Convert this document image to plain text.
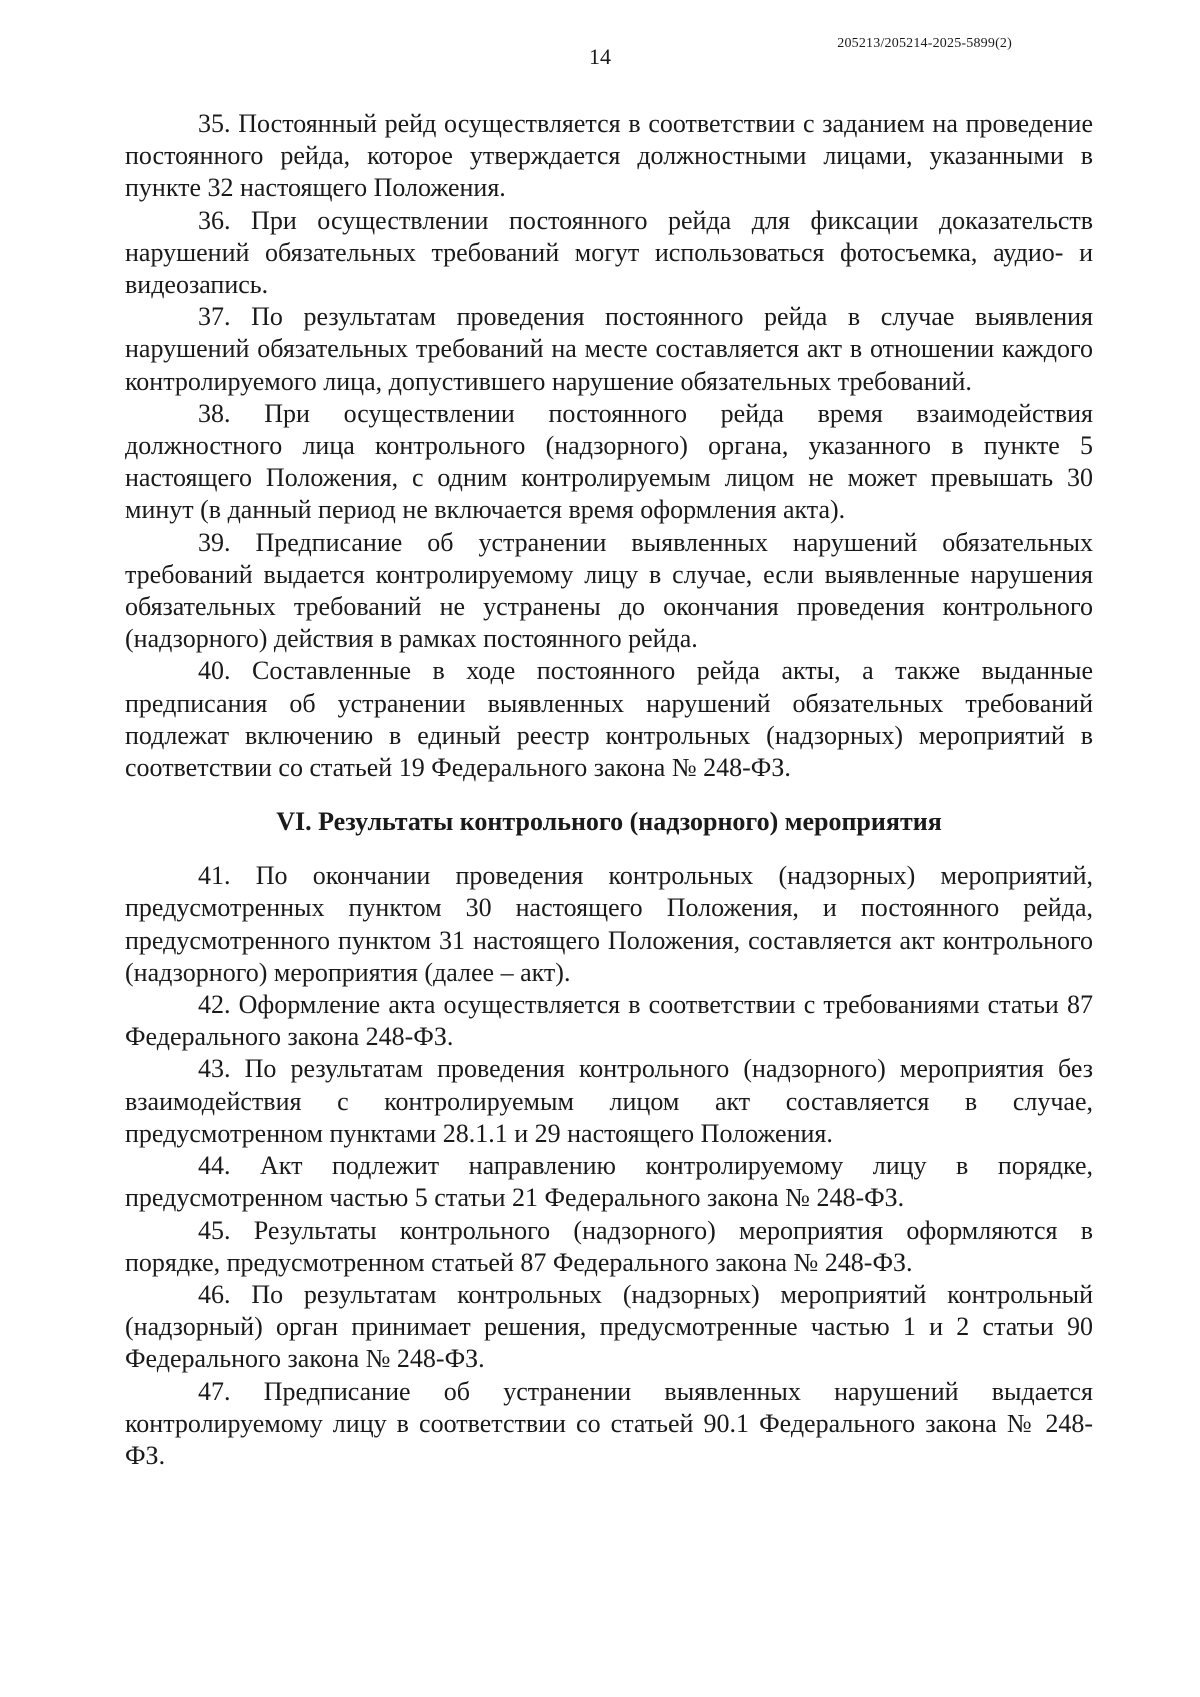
14
205213/205214-2025-5899(2)

35. Постоянный рейд осуществляется в соответствии с заданием на проведение постоянного рейда, которое утверждается должностными лицами, указанными в пункте 32 настоящего Положения.

36. При осуществлении постоянного рейда для фиксации доказательств нарушений обязательных требований могут использоваться фотосъемка, аудио- и видеозапись.

37. По результатам проведения постоянного рейда в случае выявления нарушений обязательных требований на месте составляется акт в отношении каждого контролируемого лица, допустившего нарушение обязательных требований.

38. При осуществлении постоянного рейда время взаимодействия должностного лица контрольного (надзорного) органа, указанного в пункте 5 настоящего Положения, с одним контролируемым лицом не может превышать 30 минут (в данный период не включается время оформления акта).

39. Предписание об устранении выявленных нарушений обязательных требований выдается контролируемому лицу в случае, если выявленные нарушения обязательных требований не устранены до окончания проведения контрольного (надзорного) действия в рамках постоянного рейда.

40. Составленные в ходе постоянного рейда акты, а также выданные предписания об устранении выявленных нарушений обязательных требований подлежат включению в единый реестр контрольных (надзорных) мероприятий в соответствии со статьей 19 Федерального закона № 248-ФЗ.

VI. Результаты контрольного (надзорного) мероприятия

41. По окончании проведения контрольных (надзорных) мероприятий, предусмотренных пунктом 30 настоящего Положения, и постоянного рейда, предусмотренного пунктом 31 настоящего Положения, составляется акт контрольного (надзорного) мероприятия (далее – акт).

42. Оформление акта осуществляется в соответствии с требованиями статьи 87 Федерального закона 248-ФЗ.

43. По результатам проведения контрольного (надзорного) мероприятия без взаимодействия с контролируемым лицом акт составляется в случае, предусмотренном пунктами 28.1.1 и 29 настоящего Положения.

44. Акт подлежит направлению контролируемому лицу в порядке, предусмотренном частью 5 статьи 21 Федерального закона № 248-ФЗ.

45. Результаты контрольного (надзорного) мероприятия оформляются в порядке, предусмотренном статьей 87 Федерального закона № 248-ФЗ.

46. По результатам контрольных (надзорных) мероприятий контрольный (надзорный) орган принимает решения, предусмотренные частью 1 и 2 статьи 90 Федерального закона № 248-ФЗ.

47. Предписание об устранении выявленных нарушений выдается контролируемому лицу в соответствии со статьей 90.1 Федерального закона № 248-ФЗ.
